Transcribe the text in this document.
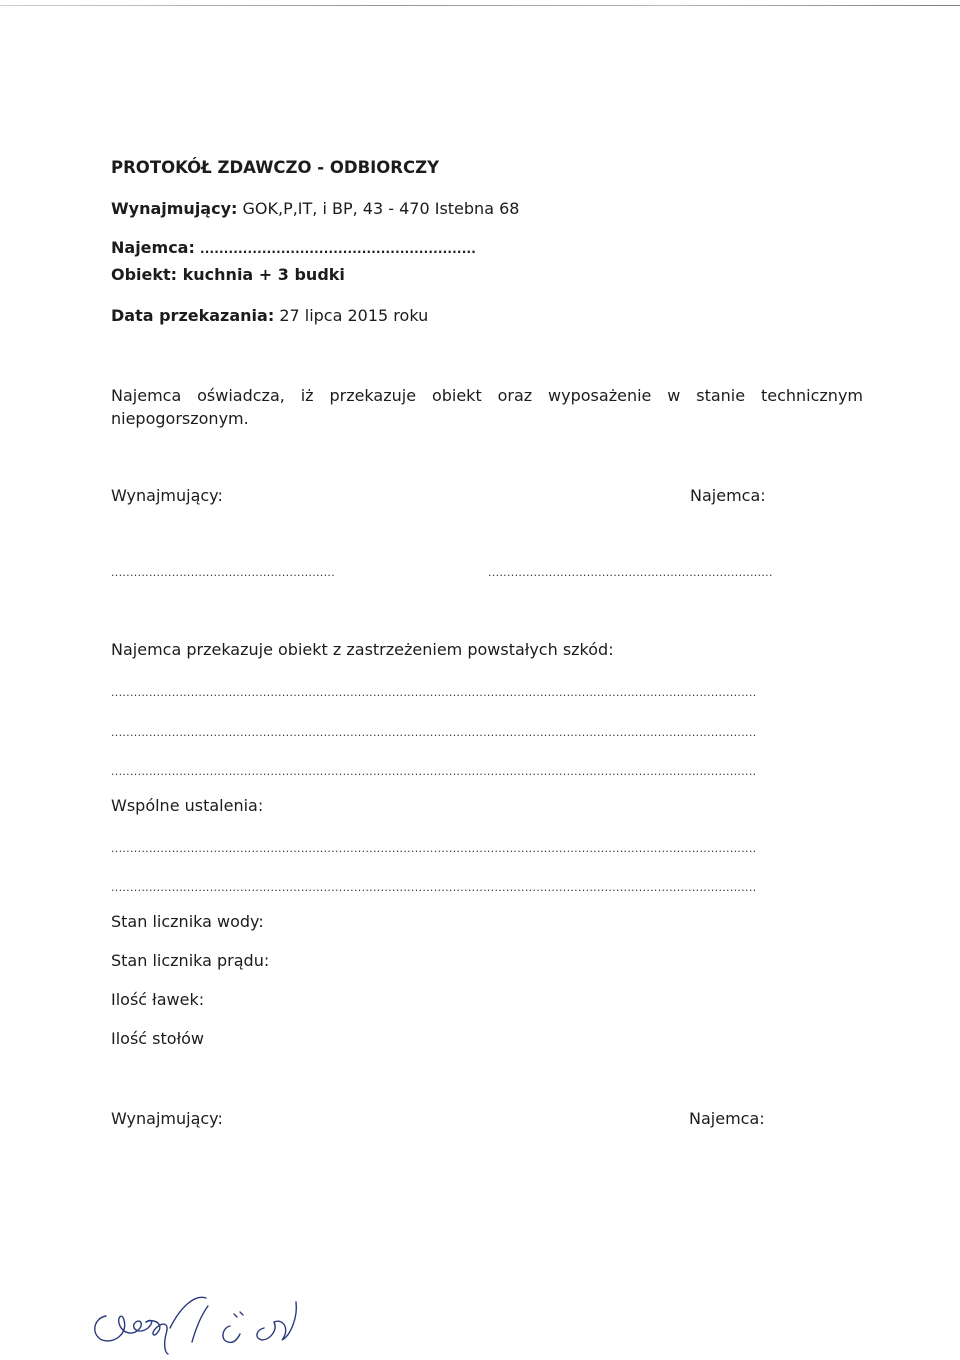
PROTOKÓŁ ZDAWCZO - ODBIORCZY
Wynajmujący: GOK,P,IT, i BP, 43 - 470 Istebna 68
Najemca: ..........................................................
Obiekt: kuchnia + 3 budki
Data przekazania: 27 lipca 2015 roku
Najemca oświadcza, iż przekazuje obiekt oraz wyposażenie w stanie technicznym
niepogorszonym.
Wynajmujący:	Najemca:
...........................................................	...........................................................................
Najemca przekazuje obiekt z zastrzeżeniem powstałych szkód:
..........................................................................................................................................................................
..........................................................................................................................................................................
..........................................................................................................................................................................
Wspólne ustalenia:
..........................................................................................................................................................................
..........................................................................................................................................................................
Stan licznika wody:
Stan licznika prądu:
Ilość ławek:
Ilość stołów
Wynajmujący:	Najemca:
